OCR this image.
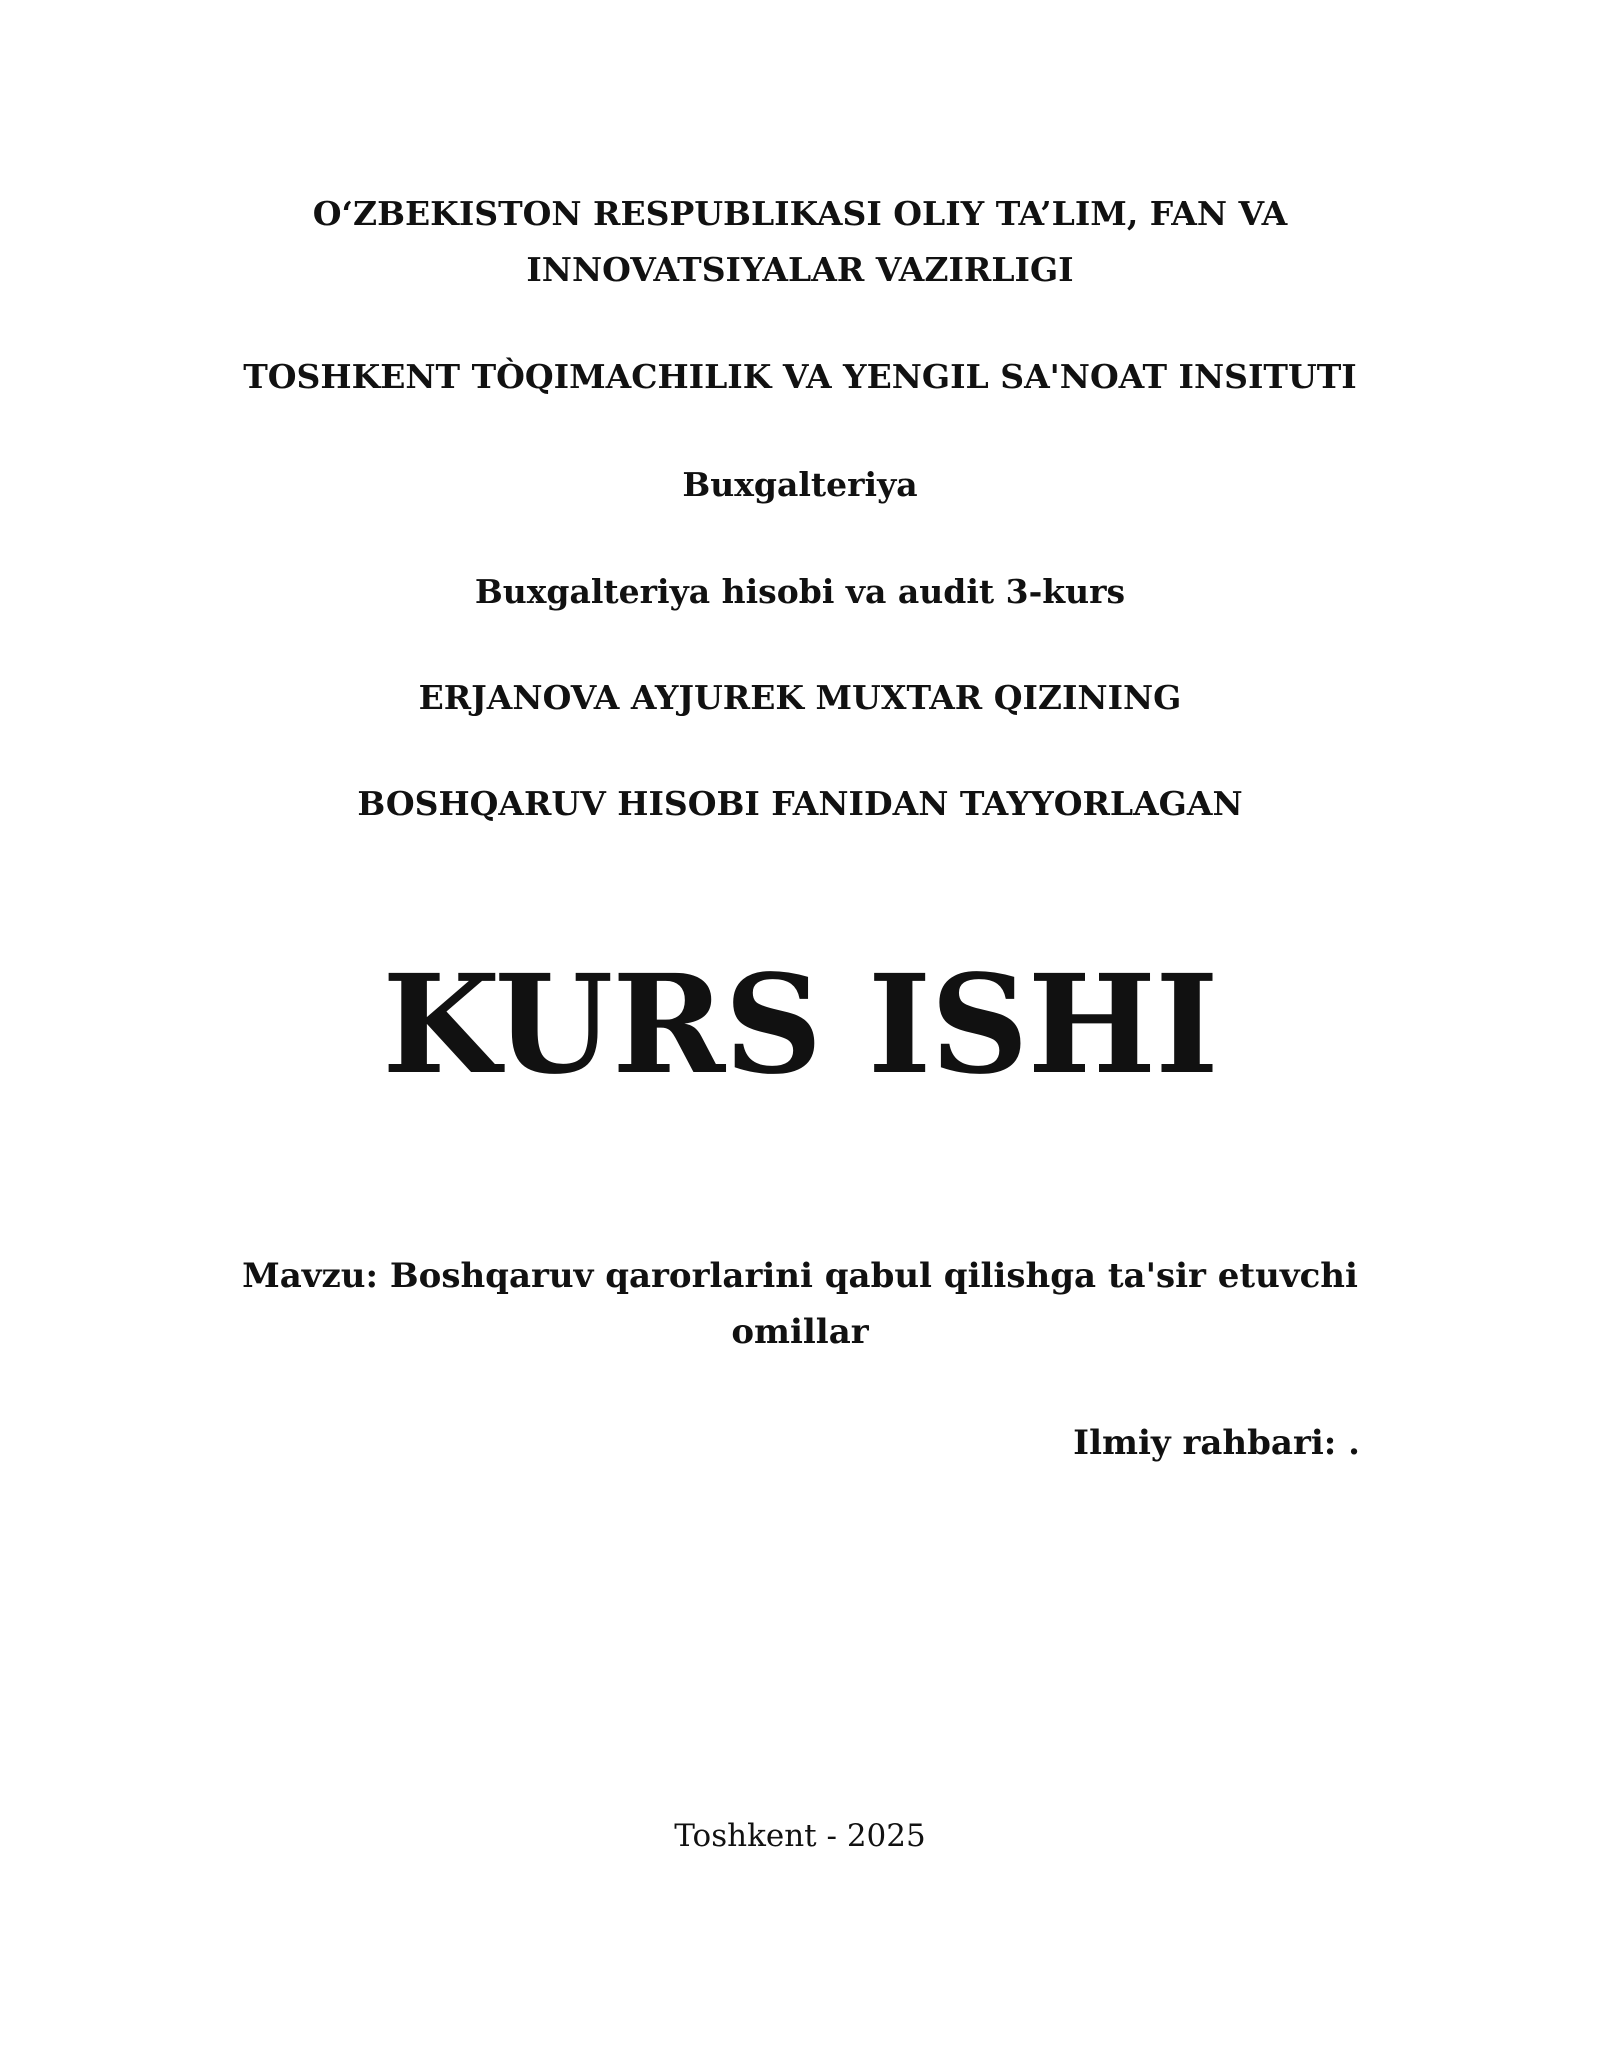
O‘ZBEKISTON RESPUBLIKASI OLIY TA’LIM, FAN VA
INNOVATSIYALAR VAZIRLIGI
TOSHKENT TÒQIMACHILIK VA YENGIL SA'NOAT INSITUTI
Buxgalteriya
Buxgalteriya hisobi va audit 3-kurs
ERJANOVA AYJUREK MUXTAR QIZINING
BOSHQARUV HISOBI FANIDAN TAYYORLAGAN
KURS ISHI
Mavzu: Boshqaruv qarorlarini qabul qilishga ta'sir etuvchi
omillar
Ilmiy rahbari: .
Toshkent - 2025
